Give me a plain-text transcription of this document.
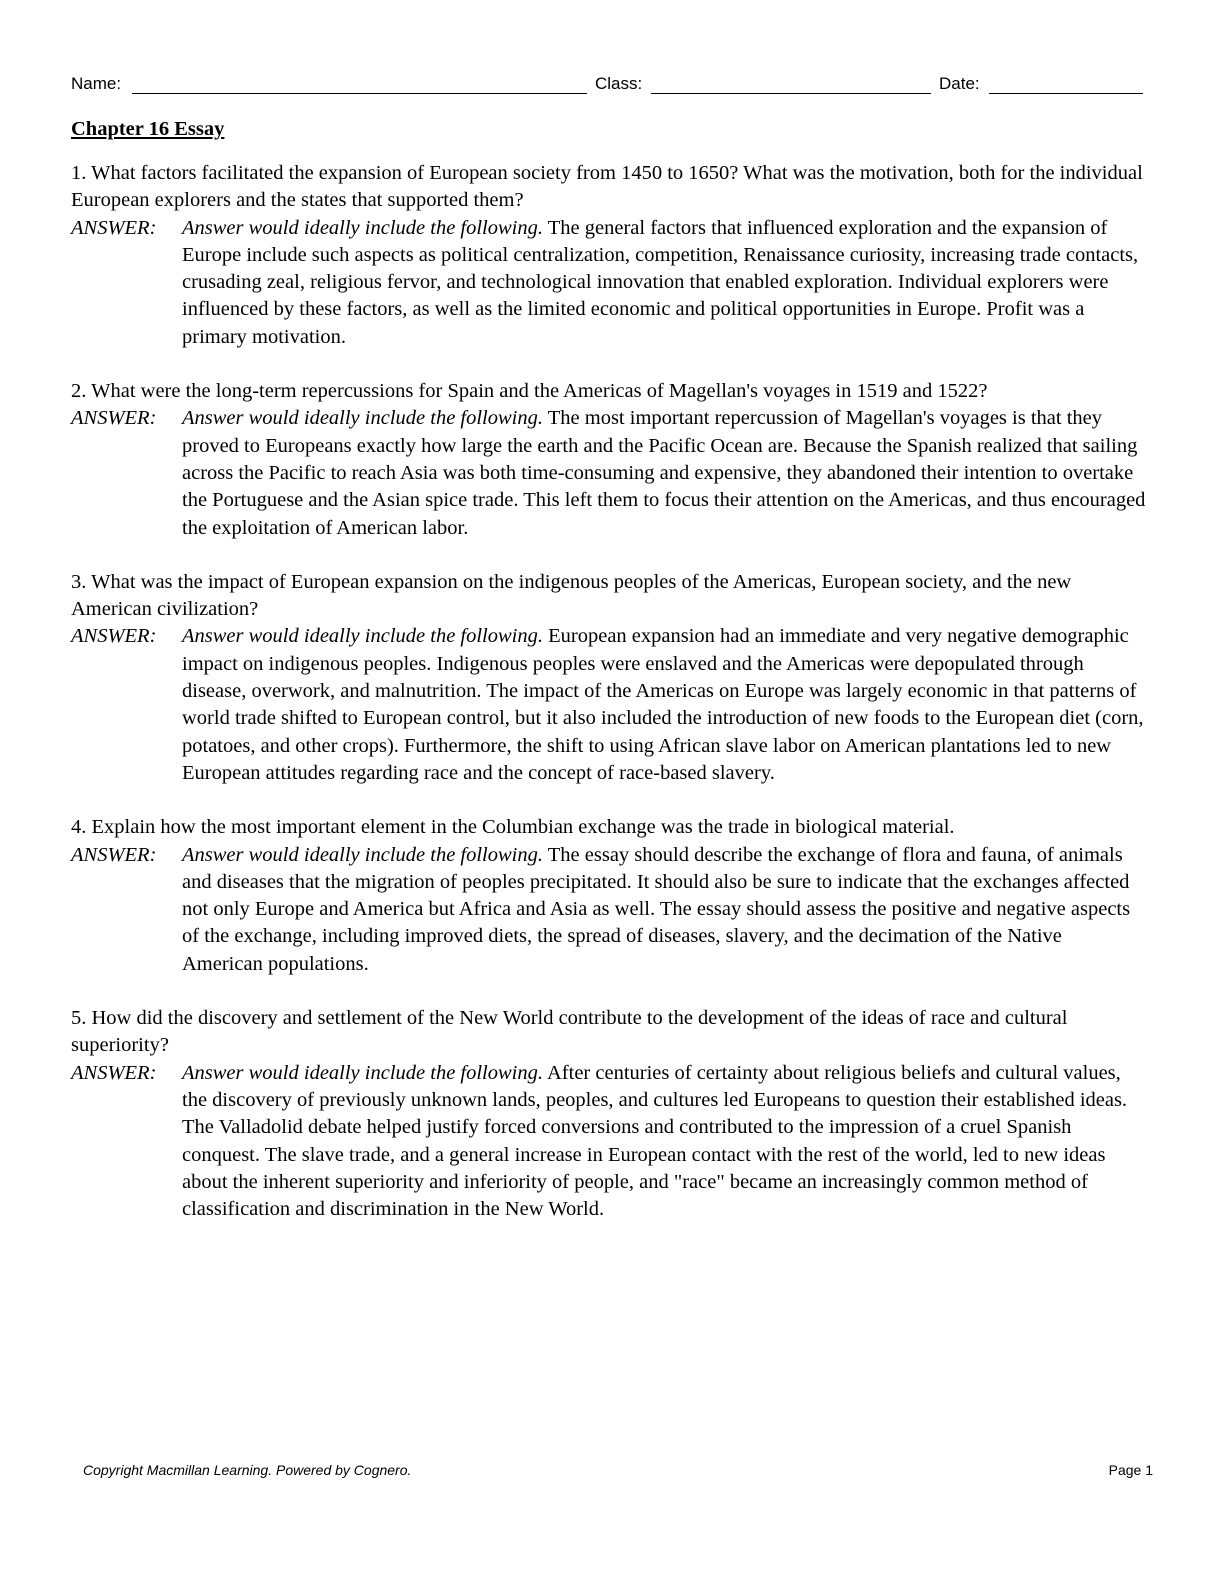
Name:	Class:	Date:
Chapter 16 Essay

1. What factors facilitated the expansion of European society from 1450 to 1650? What was the motivation, both for the individual European explorers and the states that supported them?

ANSWER: Answer would ideally include the following. The general factors that influenced exploration and the expansion of Europe include such aspects as political centralization, competition, Renaissance curiosity, increasing trade contacts, crusading zeal, religious fervor, and technological innovation that enabled exploration. Individual explorers were influenced by these factors, as well as the limited economic and political opportunities in Europe. Profit was a primary motivation.

2. What were the long-term repercussions for Spain and the Americas of Magellan's voyages in 1519 and 1522?

ANSWER: Answer would ideally include the following. The most important repercussion of Magellan's voyages is that they proved to Europeans exactly how large the earth and the Pacific Ocean are. Because the Spanish realized that sailing across the Pacific to reach Asia was both time-consuming and expensive, they abandoned their intention to overtake the Portuguese and the Asian spice trade. This left them to focus their attention on the Americas, and thus encouraged the exploitation of American labor.

3. What was the impact of European expansion on the indigenous peoples of the Americas, European society, and the new American civilization?

ANSWER: Answer would ideally include the following. European expansion had an immediate and very negative demographic impact on indigenous peoples. Indigenous peoples were enslaved and the Americas were depopulated through disease, overwork, and malnutrition. The impact of the Americas on Europe was largely economic in that patterns of world trade shifted to European control, but it also included the introduction of new foods to the European diet (corn, potatoes, and other crops). Furthermore, the shift to using African slave labor on American plantations led to new European attitudes regarding race and the concept of race-based slavery.

4. Explain how the most important element in the Columbian exchange was the trade in biological material.

ANSWER: Answer would ideally include the following. The essay should describe the exchange of flora and fauna, of animals and diseases that the migration of peoples precipitated. It should also be sure to indicate that the exchanges affected not only Europe and America but Africa and Asia as well. The essay should assess the positive and negative aspects of the exchange, including improved diets, the spread of diseases, slavery, and the decimation of the Native American populations.

5. How did the discovery and settlement of the New World contribute to the development of the ideas of race and cultural superiority?

ANSWER: Answer would ideally include the following. After centuries of certainty about religious beliefs and cultural values, the discovery of previously unknown lands, peoples, and cultures led Europeans to question their established ideas. The Valladolid debate helped justify forced conversions and contributed to the impression of a cruel Spanish conquest. The slave trade, and a general increase in European contact with the rest of the world, led to new ideas about the inherent superiority and inferiority of people, and "race" became an increasingly common method of classification and discrimination in the New World.

Copyright Macmillan Learning. Powered by Cognero.	Page 1
